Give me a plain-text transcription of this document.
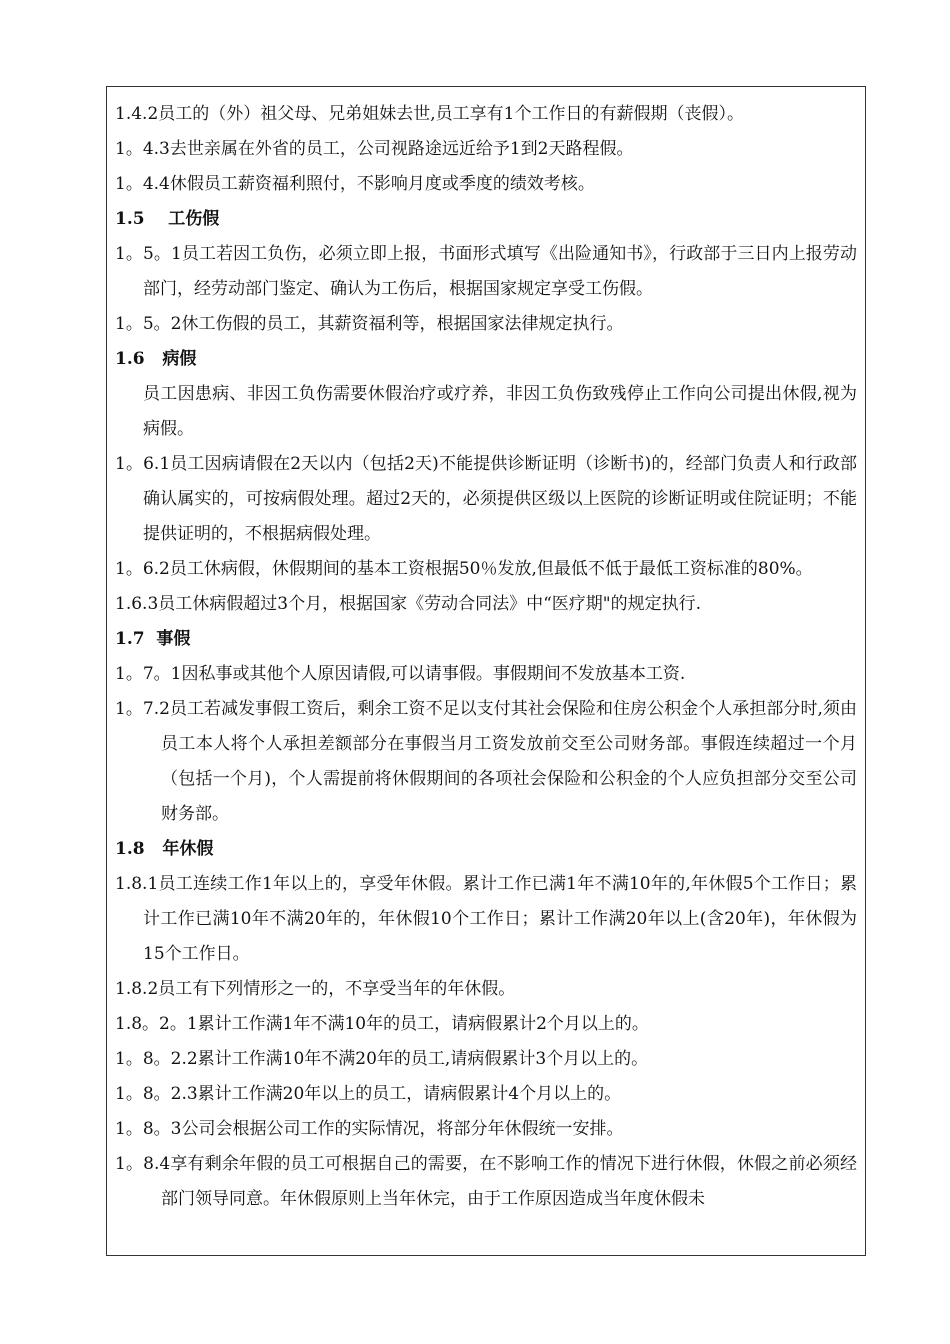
1.4.2员工的（外）祖父母、兄弟姐妹去世,员工享有1个工作日的有薪假期（丧假）。

1。4.3去世亲属在外省的员工，公司视路途远近给予1到2天路程假。

1。4.4休假员工薪资福利照付，不影响月度或季度的绩效考核。

1.5    工伤假

1。5。1员工若因工负伤，必须立即上报，书面形式填写《出险通知书》，行政部于三日内上报劳动部门，经劳动部门鉴定、确认为工伤后，根据国家规定享受工伤假。

1。5。2休工伤假的员工，其薪资福利等，根据国家法律规定执行。

1.6   病假

员工因患病、非因工负伤需要休假治疗或疗养，非因工负伤致残停止工作向公司提出休假,视为病假。

1。6.1员工因病请假在2天以内（包括2天)不能提供诊断证明（诊断书)的，经部门负责人和行政部确认属实的，可按病假处理。超过2天的，必须提供区级以上医院的诊断证明或住院证明；不能提供证明的，不根据病假处理。

1。6.2员工休病假，休假期间的基本工资根据50％发放,但最低不低于最低工资标准的80%。

1.6.3员工休病假超过3个月，根据国家《劳动合同法》中“医疗期"的规定执行.

1.7  事假

1。7。1因私事或其他个人原因请假,可以请事假。事假期间不发放基本工资.

1。7.2员工若减发事假工资后，剩余工资不足以支付其社会保险和住房公积金个人承担部分时,须由员工本人将个人承担差额部分在事假当月工资发放前交至公司财务部。事假连续超过一个月（包括一个月)，个人需提前将休假期间的各项社会保险和公积金的个人应负担部分交至公司财务部。

1.8   年休假

1.8.1员工连续工作1年以上的，享受年休假。累计工作已满1年不满10年的,年休假5个工作日；累计工作已满10年不满20年的，年休假10个工作日；累计工作满20年以上(含20年)，年休假为15个工作日。

1.8.2员工有下列情形之一的，不享受当年的年休假。

1.8。2。1累计工作满1年不满10年的员工，请病假累计2个月以上的。

1。8。2.2累计工作满10年不满20年的员工,请病假累计3个月以上的。

1。8。2.3累计工作满20年以上的员工，请病假累计4个月以上的。

1。8。3公司会根据公司工作的实际情况，将部分年休假统一安排。

1。8.4享有剩余年假的员工可根据自己的需要，在不影响工作的情况下进行休假，休假之前必须经部门领导同意。年休假原则上当年休完，由于工作原因造成当年度休假未
